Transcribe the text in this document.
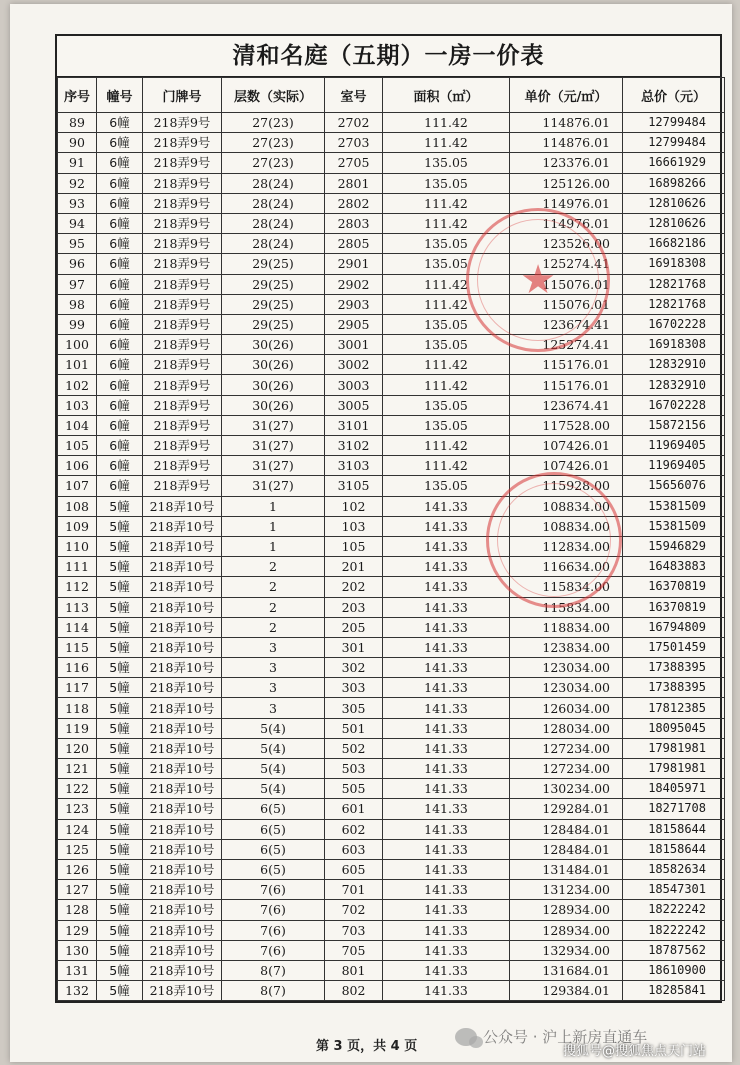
清和名庭（五期）一房一价表
序号	幢号	门牌号	层数（实际）	室号	面积（㎡）	单价（元/㎡）	总价（元）
89	6幢	218弄9号	27(23)	2702	111.42	114876.01	12799484
90	6幢	218弄9号	27(23)	2703	111.42	114876.01	12799484
91	6幢	218弄9号	27(23)	2705	135.05	123376.01	16661929
92	6幢	218弄9号	28(24)	2801	135.05	125126.00	16898266
93	6幢	218弄9号	28(24)	2802	111.42	114976.01	12810626
94	6幢	218弄9号	28(24)	2803	111.42	114976.01	12810626
95	6幢	218弄9号	28(24)	2805	135.05	123526.00	16682186
96	6幢	218弄9号	29(25)	2901	135.05	125274.41	16918308
97	6幢	218弄9号	29(25)	2902	111.42	115076.01	12821768
98	6幢	218弄9号	29(25)	2903	111.42	115076.01	12821768
99	6幢	218弄9号	29(25)	2905	135.05	123674.41	16702228
100	6幢	218弄9号	30(26)	3001	135.05	125274.41	16918308
101	6幢	218弄9号	30(26)	3002	111.42	115176.01	12832910
102	6幢	218弄9号	30(26)	3003	111.42	115176.01	12832910
103	6幢	218弄9号	30(26)	3005	135.05	123674.41	16702228
104	6幢	218弄9号	31(27)	3101	135.05	117528.00	15872156
105	6幢	218弄9号	31(27)	3102	111.42	107426.01	11969405
106	6幢	218弄9号	31(27)	3103	111.42	107426.01	11969405
107	6幢	218弄9号	31(27)	3105	135.05	115928.00	15656076
108	5幢	218弄10号	1	102	141.33	108834.00	15381509
109	5幢	218弄10号	1	103	141.33	108834.00	15381509
110	5幢	218弄10号	1	105	141.33	112834.00	15946829
111	5幢	218弄10号	2	201	141.33	116634.00	16483883
112	5幢	218弄10号	2	202	141.33	115834.00	16370819
113	5幢	218弄10号	2	203	141.33	115834.00	16370819
114	5幢	218弄10号	2	205	141.33	118834.00	16794809
115	5幢	218弄10号	3	301	141.33	123834.00	17501459
116	5幢	218弄10号	3	302	141.33	123034.00	17388395
117	5幢	218弄10号	3	303	141.33	123034.00	17388395
118	5幢	218弄10号	3	305	141.33	126034.00	17812385
119	5幢	218弄10号	5(4)	501	141.33	128034.00	18095045
120	5幢	218弄10号	5(4)	502	141.33	127234.00	17981981
121	5幢	218弄10号	5(4)	503	141.33	127234.00	17981981
122	5幢	218弄10号	5(4)	505	141.33	130234.00	18405971
123	5幢	218弄10号	6(5)	601	141.33	129284.01	18271708
124	5幢	218弄10号	6(5)	602	141.33	128484.01	18158644
125	5幢	218弄10号	6(5)	603	141.33	128484.01	18158644
126	5幢	218弄10号	6(5)	605	141.33	131484.01	18582634
127	5幢	218弄10号	7(6)	701	141.33	131234.00	18547301
128	5幢	218弄10号	7(6)	702	141.33	128934.00	18222242
129	5幢	218弄10号	7(6)	703	141.33	128934.00	18222242
130	5幢	218弄10号	7(6)	705	141.33	132934.00	18787562
131	5幢	218弄10号	8(7)	801	141.33	131684.01	18610900
132	5幢	218弄10号	8(7)	802	141.33	129384.01	18285841
★
第 3 页，共 4 页
公众号 · 沪上新房直通车
搜狐号@搜狐焦点天门站
